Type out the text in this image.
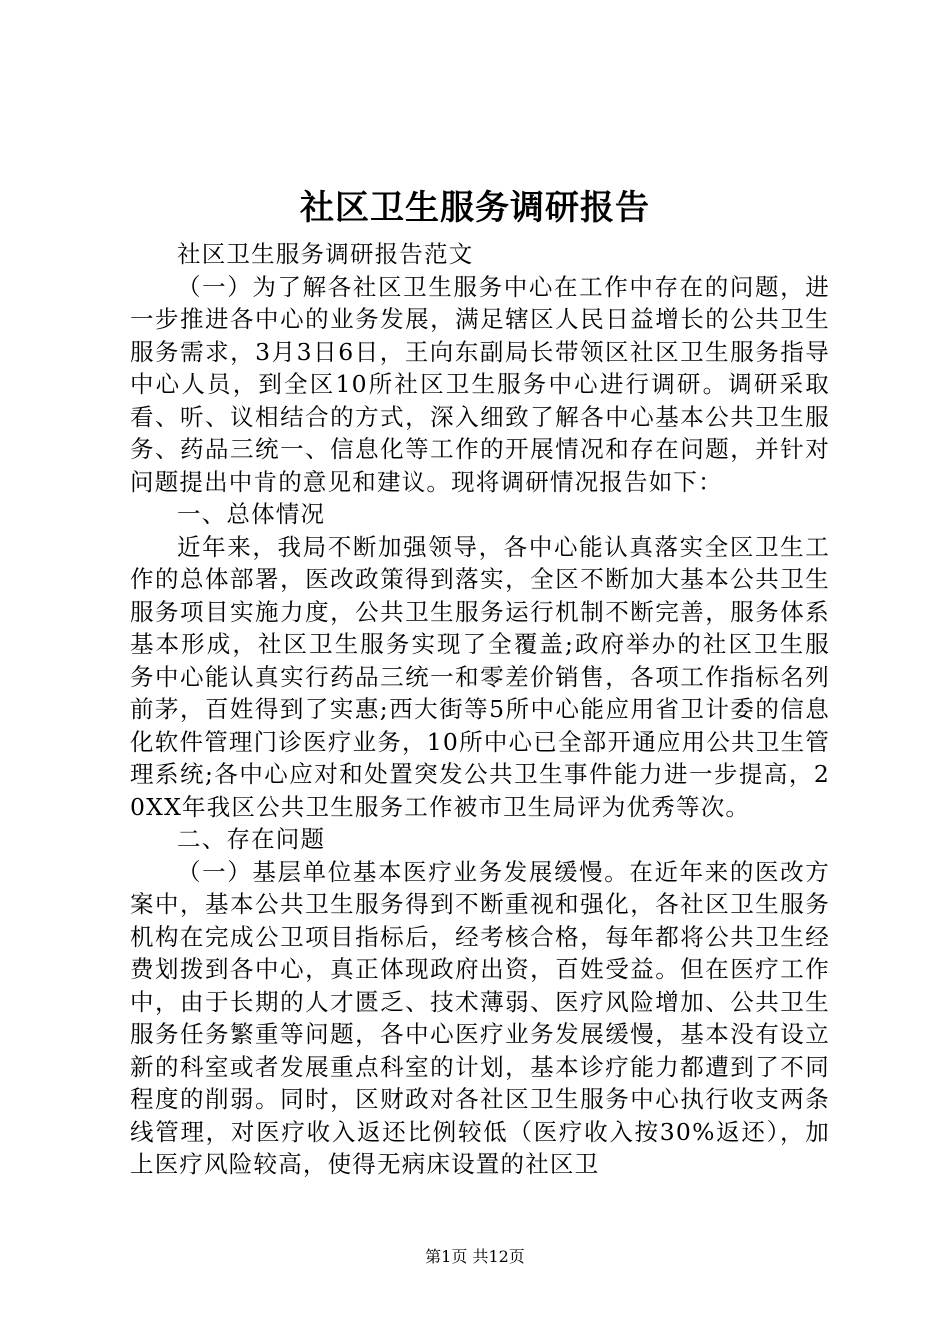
社区卫生服务调研报告

社区卫生服务调研报告范文

（一）为了解各社区卫生服务中心在工作中存在的问题，进一步推进各中心的业务发展，满足辖区人民日益增长的公共卫生服务需求，3月3日6日，王向东副局长带领区社区卫生服务指导中心人员，到全区10所社区卫生服务中心进行调研。调研采取看、听、议相结合的方式，深入细致了解各中心基本公共卫生服务、药品三统一、信息化等工作的开展情况和存在问题，并针对问题提出中肯的意见和建议。现将调研情况报告如下：

一、总体情况

近年来，我局不断加强领导，各中心能认真落实全区卫生工作的总体部署，医改政策得到落实，全区不断加大基本公共卫生服务项目实施力度，公共卫生服务运行机制不断完善，服务体系基本形成，社区卫生服务实现了全覆盖;政府举办的社区卫生服务中心能认真实行药品三统一和零差价销售，各项工作指标名列前茅，百姓得到了实惠;西大街等5所中心能应用省卫计委的信息化软件管理门诊医疗业务，10所中心已全部开通应用公共卫生管理系统;各中心应对和处置突发公共卫生事件能力进一步提高，20XX年我区公共卫生服务工作被市卫生局评为优秀等次。

二、存在问题

（一）基层单位基本医疗业务发展缓慢。在近年来的医改方案中，基本公共卫生服务得到不断重视和强化，各社区卫生服务机构在完成公卫项目指标后，经考核合格，每年都将公共卫生经费划拨到各中心，真正体现政府出资，百姓受益。但在医疗工作中，由于长期的人才匮乏、技术薄弱、医疗风险增加、公共卫生服务任务繁重等问题，各中心医疗业务发展缓慢，基本没有设立新的科室或者发展重点科室的计划，基本诊疗能力都遭到了不同程度的削弱。同时，区财政对各社区卫生服务中心执行收支两条线管理，对医疗收入返还比例较低（医疗收入按30%返还），加上医疗风险较高，使得无病床设置的社区卫

第1页 共12页
